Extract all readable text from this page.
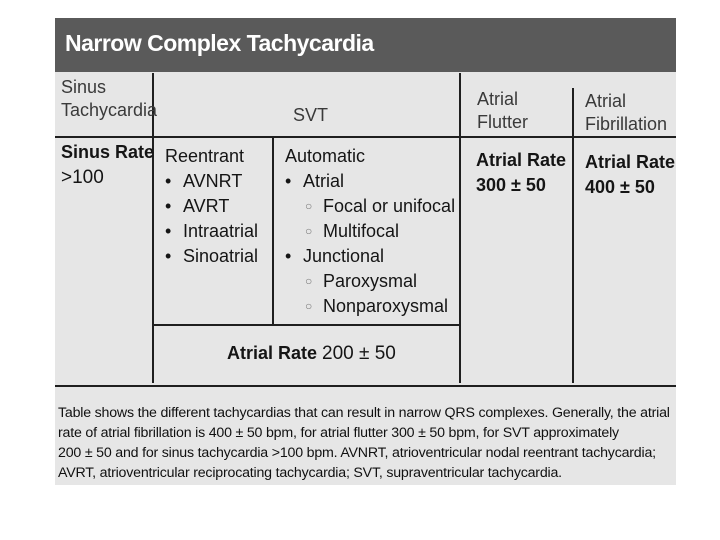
Narrow Complex Tachycardia
Sinus
Tachycardia	SVT
Atrial
Flutter
Atrial
Fibrillation
Sinus Rate
>100
Reentrant
• AVNRT
• AVRT
• Intraatrial
• Sinoatrial
Automatic
• Atrial
○ Focal or unifocal
○ Multifocal
• Junctional
○ Paroxysmal
○ Nonparoxysmal
Atrial Rate 200 ± 50
Atrial Rate
300 ± 50
Atrial Rate
400 ± 50

Table shows the different tachycardias that can result in narrow QRS complexes. Generally, the atrial

rate of atrial fibrillation is 400 ± 50 bpm, for atrial flutter 300 ± 50 bpm, for SVT approximately

200 ± 50 and for sinus tachycardia >100 bpm. AVNRT, atrioventricular nodal reentrant tachycardia;

AVRT, atrioventricular reciprocating tachycardia; SVT, supraventricular tachycardia.
